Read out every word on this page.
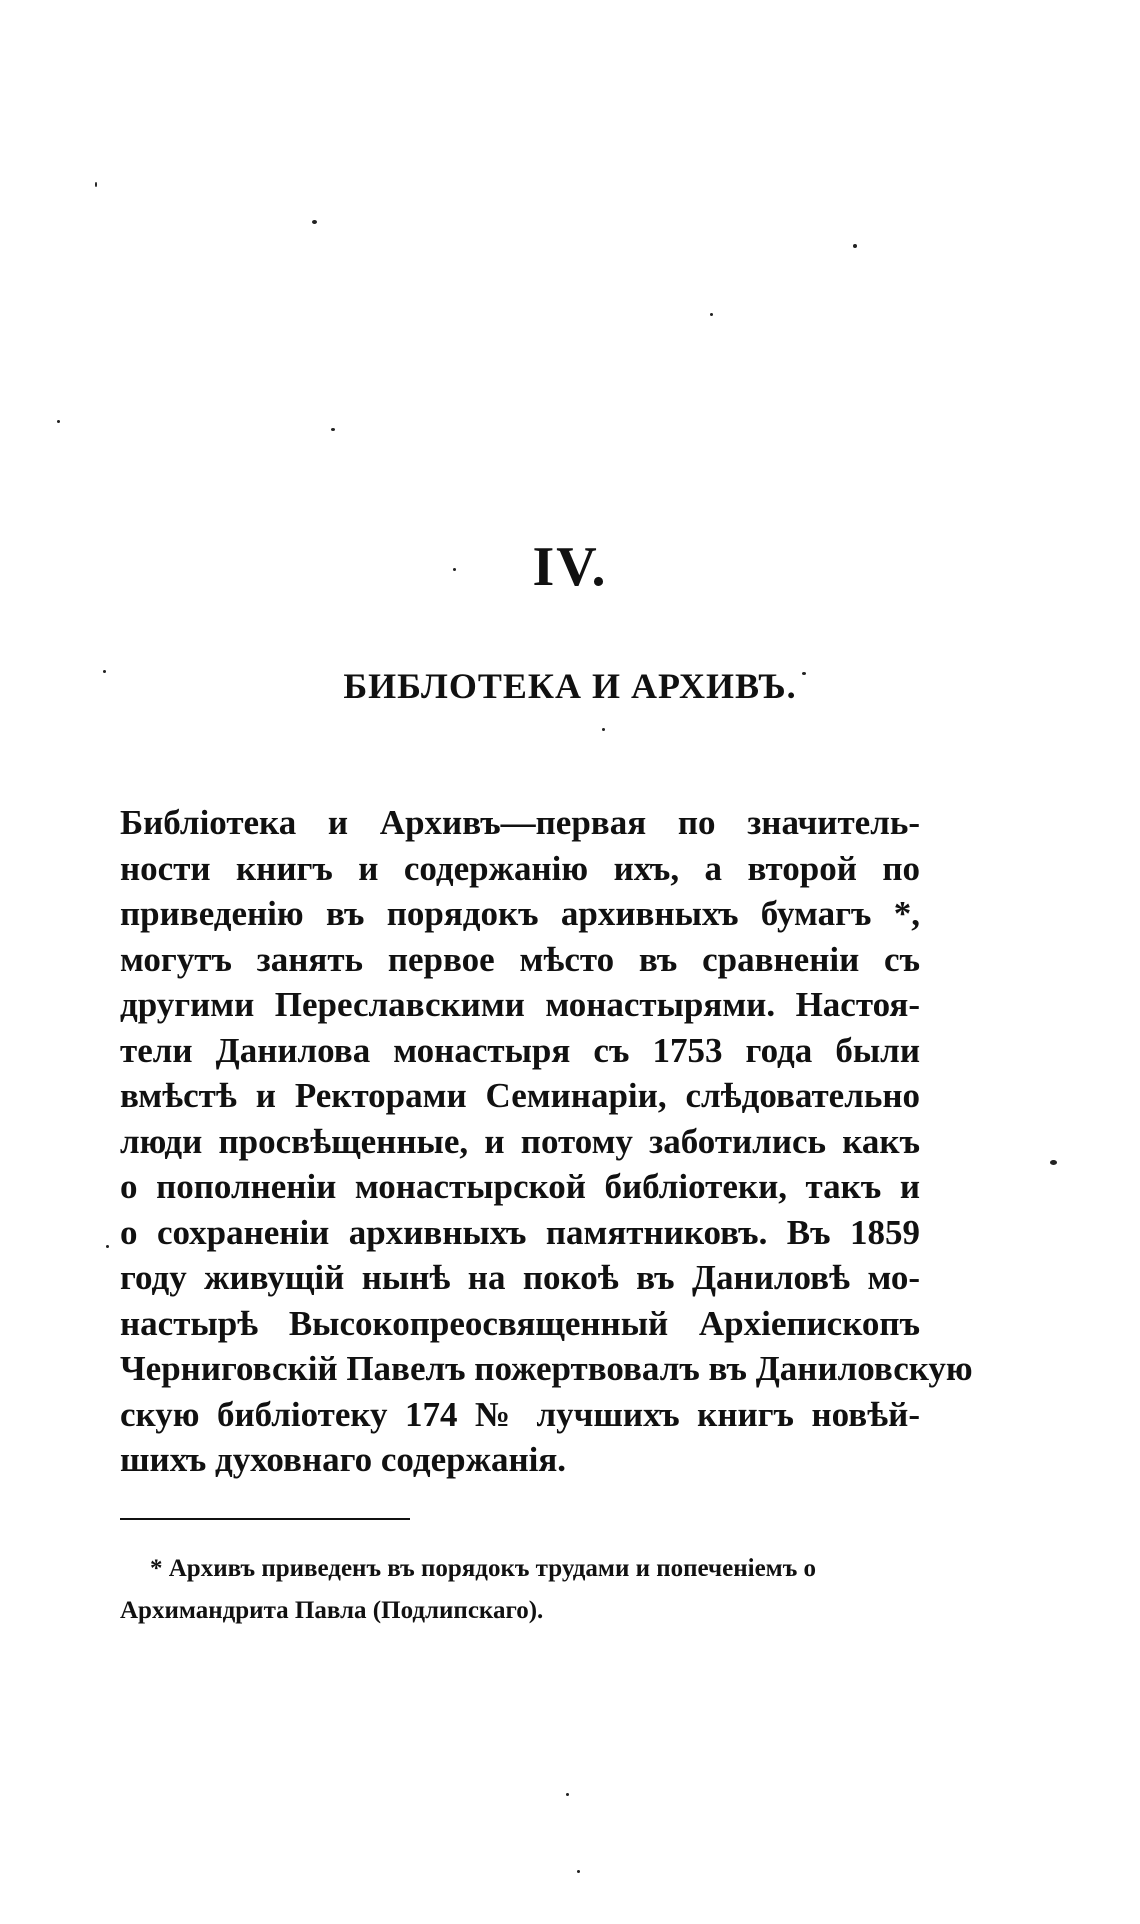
IV.
БИБЛОТЕКА И АРХИВЪ.
Библіотека и Архивъ—первая по значитель-
ности книгъ и содержанію ихъ, а второй по
приведенію въ порядокъ архивныхъ бумагъ *,
могутъ занять первое мѣсто въ сравненіи съ
другими Переславскими монастырями. Настоя-
тели Данилова монастыря съ 1753 года были
вмѣстѣ и Ректорами Семинаріи, слѣдовательно
люди просвѣщенные, и потому заботились какъ
о пополненіи монастырской библіотеки, такъ и
о сохраненіи архивныхъ памятниковъ. Въ 1859
году живущій нынѣ на покоѣ въ Даниловѣ мо-
настырѣ Высокопреосвященный Архіепископъ
Черниговскій Павелъ пожертвовалъ въ Даниловскую
скую библіотеку 174 № лучшихъ книгъ новѣй-
шихъ духовнаго содержанія.
* Архивъ приведенъ въ порядокъ трудами и попеченіемъ о
Архимандрита Павла (Подлипскаго).
